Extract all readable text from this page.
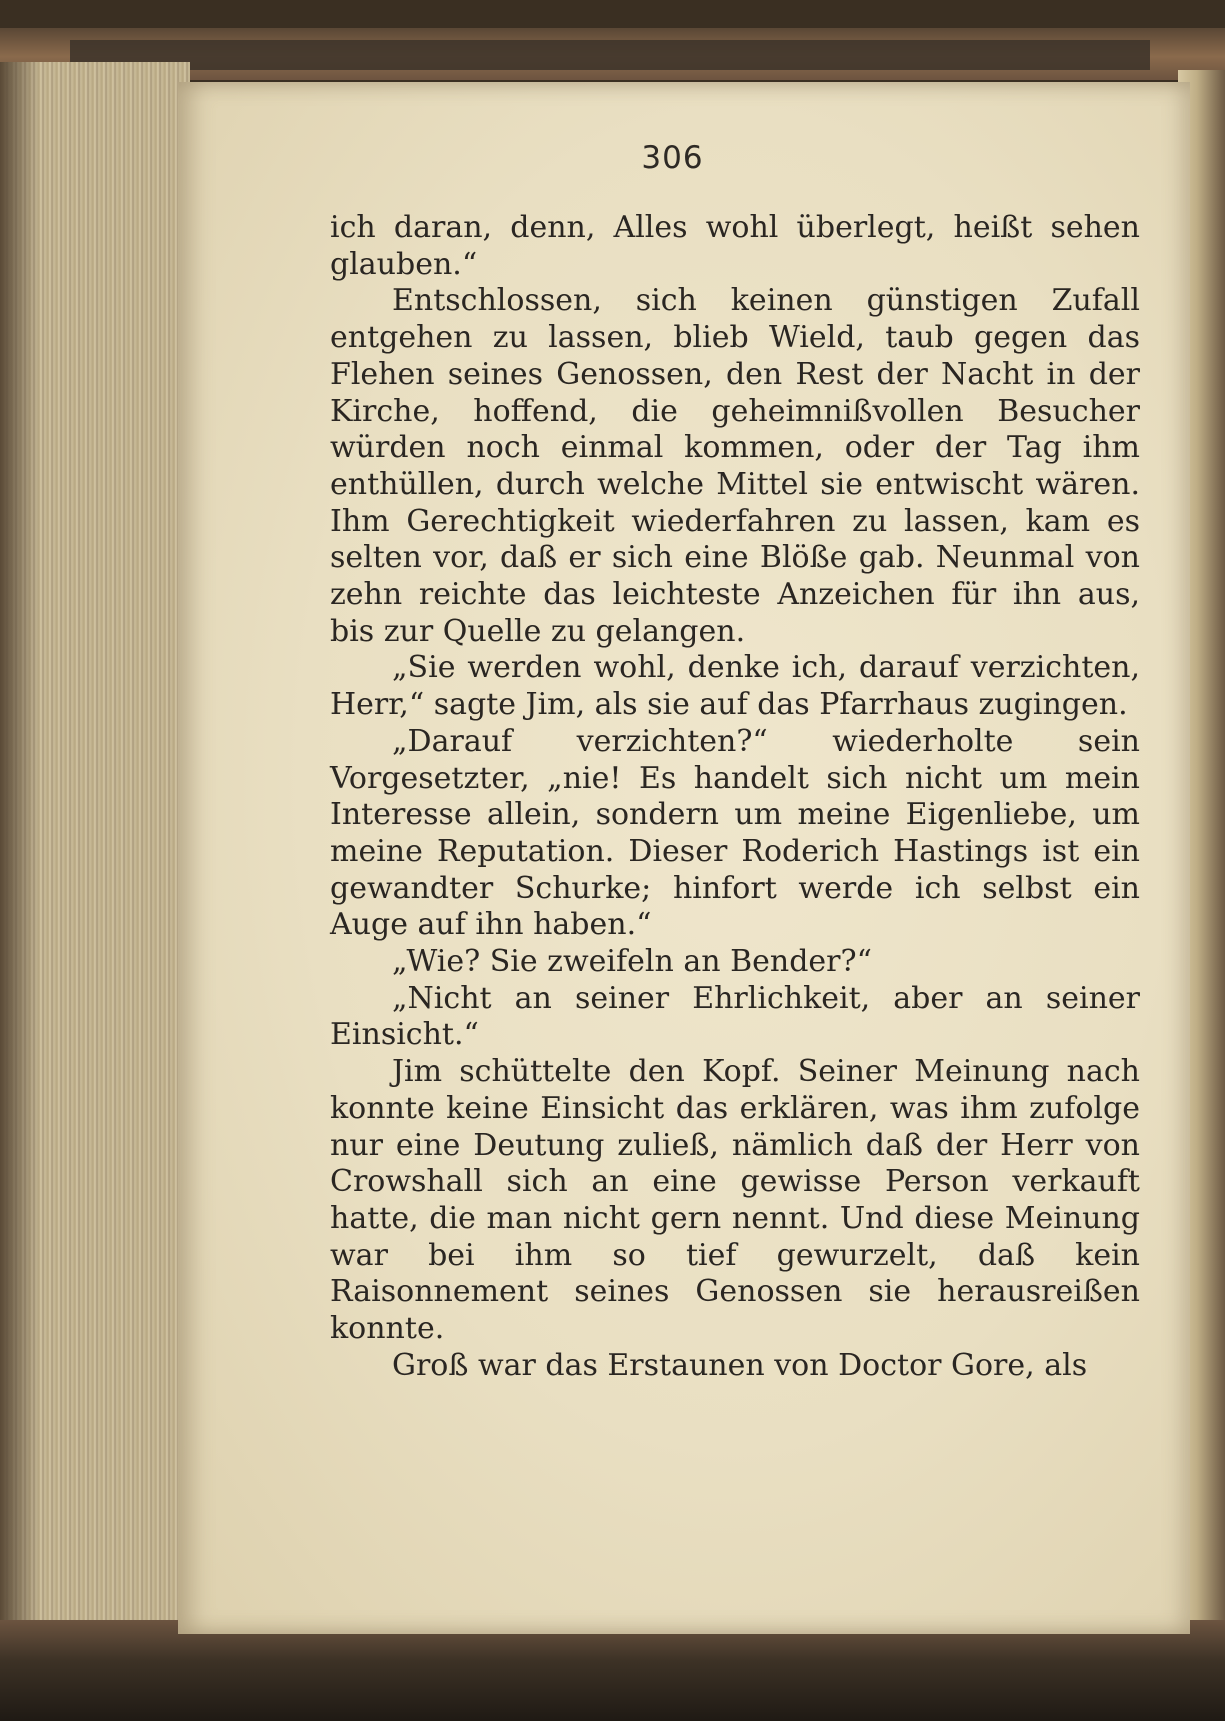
306

ich daran, denn, Alles wohl überlegt, heißt sehen glauben.“

Entschlossen, sich keinen günstigen Zufall entgehen zu lassen, blieb Wield, taub gegen das Flehen seines Genossen, den Rest der Nacht in der Kirche, hoffend, die geheimnißvollen Besucher würden noch einmal kommen, oder der Tag ihm enthüllen, durch welche Mittel sie entwischt wären. Ihm Gerechtigkeit wiederfahren zu lassen, kam es selten vor, daß er sich eine Blöße gab. Neunmal von zehn reichte das leichteste Anzeichen für ihn aus, bis zur Quelle zu gelangen.

„Sie werden wohl, denke ich, darauf verzichten, Herr,“ sagte Jim, als sie auf das Pfarrhaus zugingen.

„Darauf verzichten?“ wiederholte sein Vorgesetzter, „nie! Es handelt sich nicht um mein Interesse allein, sondern um meine Eigenliebe, um meine Reputation. Dieser Roderich Hastings ist ein gewandter Schurke; hinfort werde ich selbst ein Auge auf ihn haben.“

„Wie? Sie zweifeln an Bender?“

„Nicht an seiner Ehrlichkeit, aber an seiner Einsicht.“

Jim schüttelte den Kopf. Seiner Meinung nach konnte keine Einsicht das erklären, was ihm zufolge nur eine Deutung zuließ, nämlich daß der Herr von Crowshall sich an eine gewisse Person verkauft hatte, die man nicht gern nennt. Und diese Meinung war bei ihm so tief gewurzelt, daß kein Raisonnement seines Genossen sie herausreißen konnte.

Groß war das Erstaunen von Doctor Gore, als
